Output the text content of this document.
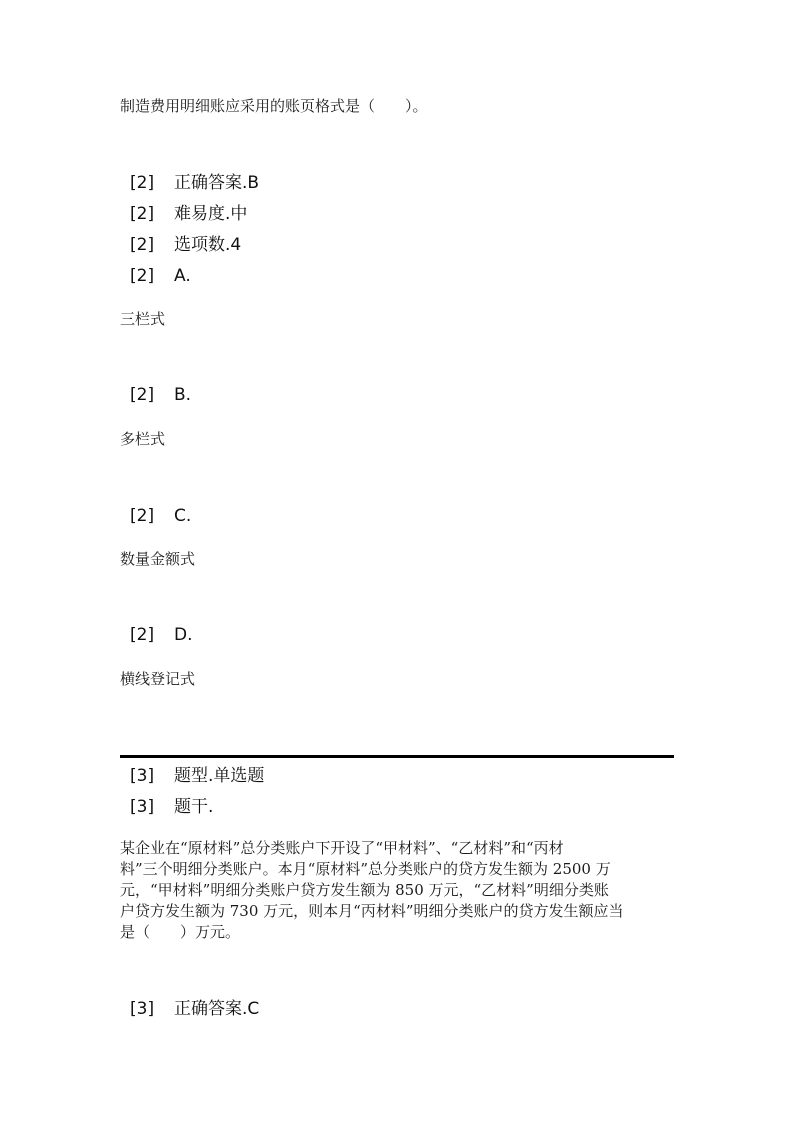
制造费用明细账应采用的账页格式是（　　）。
[2]	正确答案.B
[2]	难易度.中
[2]	选项数.4
[2]	A.
三栏式
[2]	B.
多栏式
[2]	C.
数量金额式
[2]	D.
横线登记式
[3]	题型.单选题
[3]	题干.
某企业在“原材料”总分类账户下开设了“甲材料”、“乙材料”和“丙材
料”三个明细分类账户。本月“原材料”总分类账户的贷方发生额为 2500 万
元，“甲材料”明细分类账户贷方发生额为 850 万元，“乙材料”明细分类账
户贷方发生额为 730 万元，则本月“丙材料”明细分类账户的贷方发生额应当
是（　　）万元。
[3]	正确答案.C
